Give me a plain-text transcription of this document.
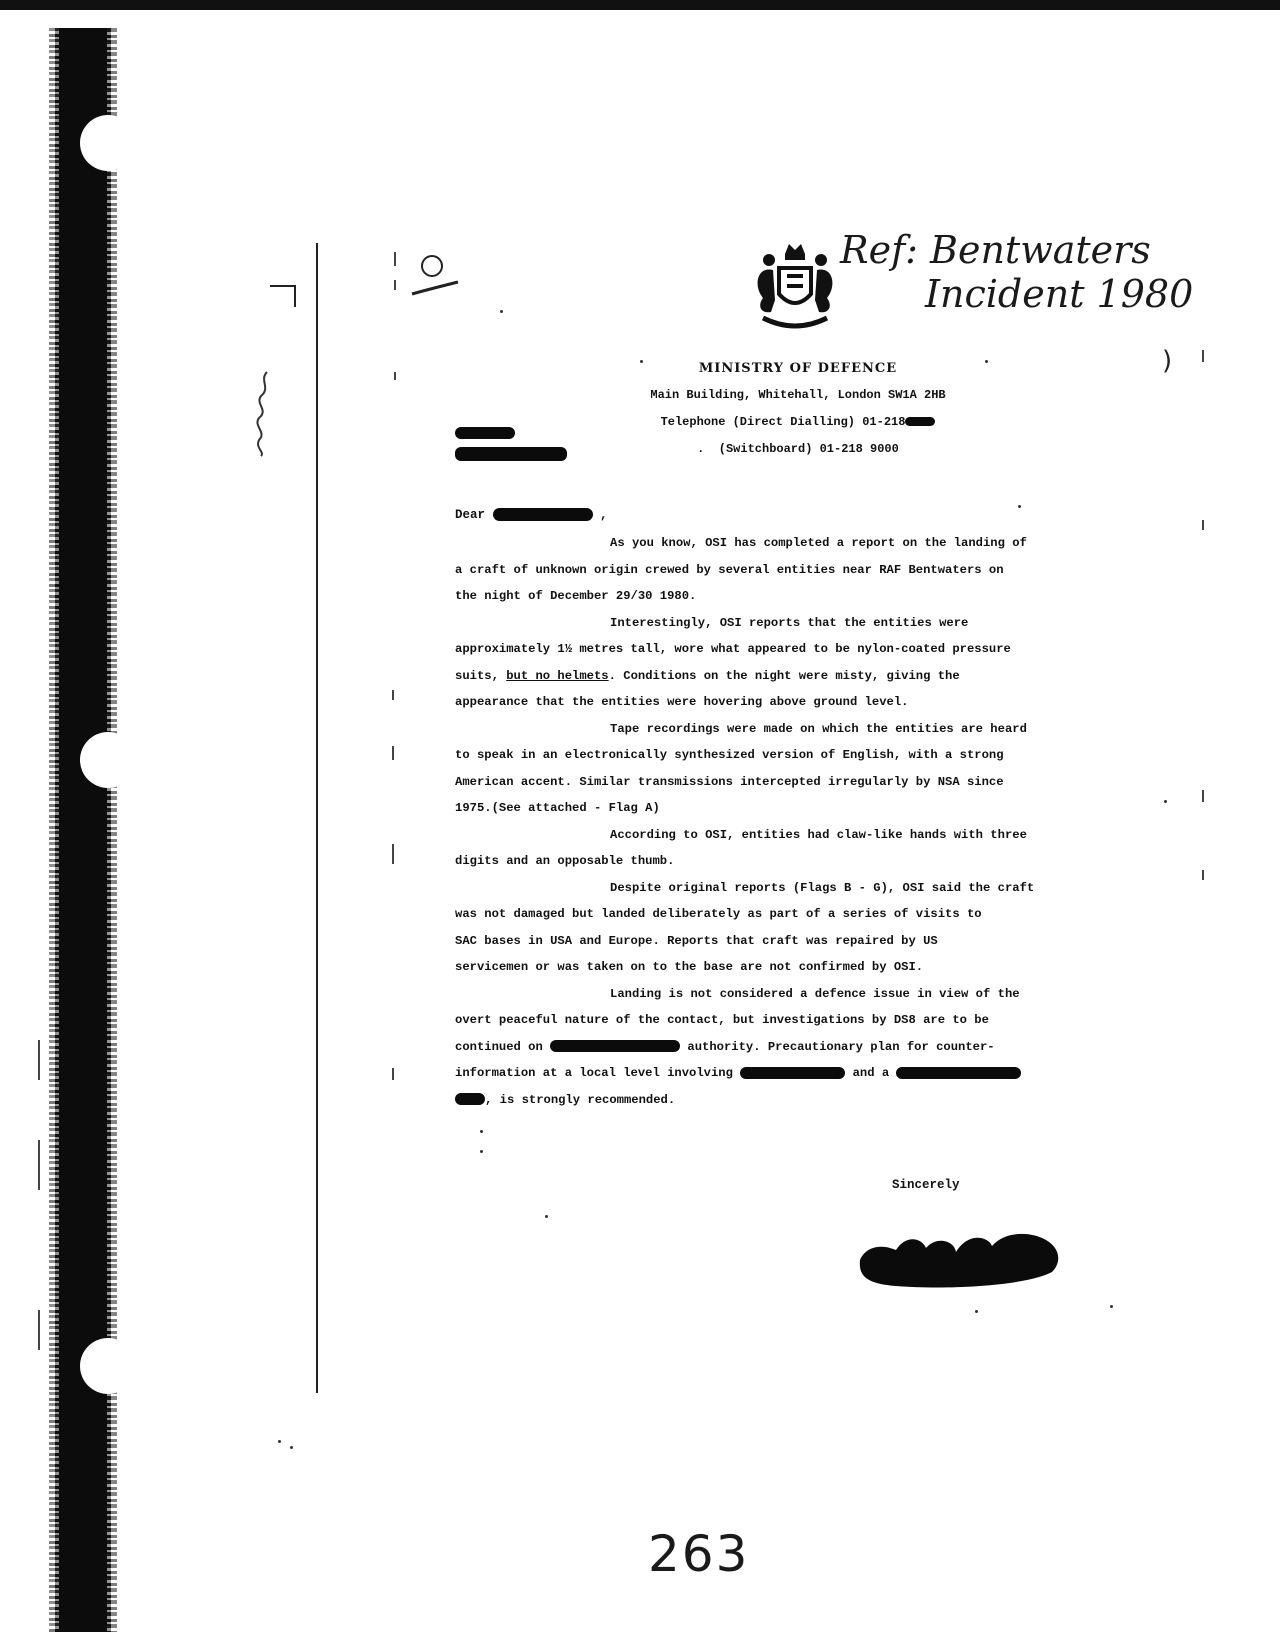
Ref: Bentwaters
Incident 1980
)
MINISTRY OF DEFENCE
Main Building, Whitehall, London SW1A 2HB
Telephone (Direct Dialling) 01-218
.  (Switchboard) 01-218 9000
Dear	,

As you know, OSI has completed a report on the landing of

a craft of unknown origin crewed by several entities near RAF Bentwaters on
the night of December 29/30 1980.

Interestingly, OSI reports that the entities were

approximately 1½ metres tall, wore what appeared to be nylon-coated pressure
suits, but no helmets. Conditions on the night were misty, giving the
appearance that the entities were hovering above ground level.

Tape recordings were made on which the entities are heard

to speak in an electronically synthesized version of English, with a strong
American accent. Similar transmissions intercepted irregularly by NSA since
1975.(See attached - Flag A)

According to OSI, entities had claw-like hands with three

digits and an opposable thumb.

Despite original reports (Flags B - G), OSI said the craft

was not damaged but landed deliberately as part of a series of visits to
SAC bases in USA and Europe. Reports that craft was repaired by US
servicemen or was taken on to the base are not confirmed by OSI.

Landing is not considered a defence issue in view of the

overt peaceful nature of the contact, but investigations by DS8 are to be
continued on	authority. Precautionary plan for counter-
information at a local level involving	and a
, is strongly recommended.
Sincerely
263
